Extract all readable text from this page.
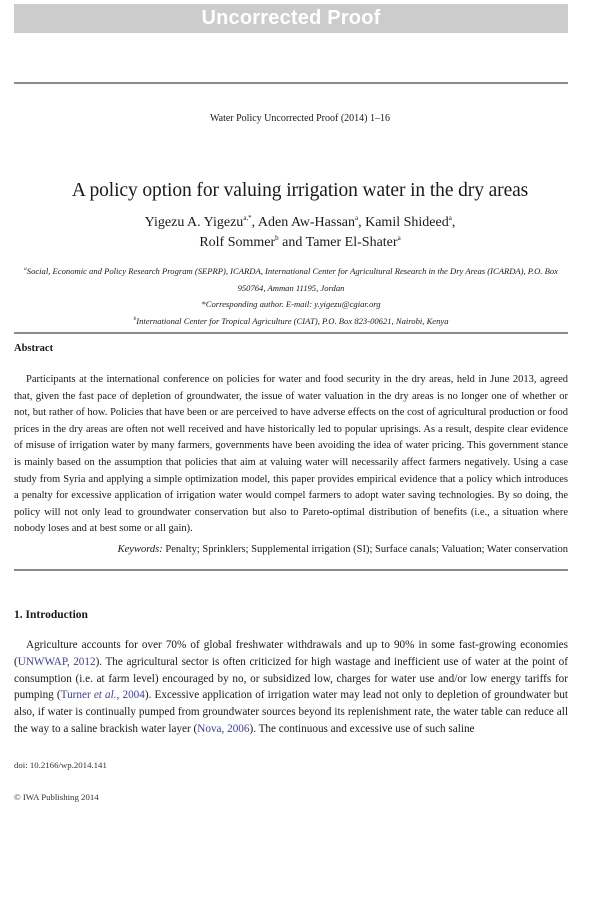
Uncorrected Proof
Water Policy Uncorrected Proof (2014) 1–16
A policy option for valuing irrigation water in the dry areas
Yigezu A. Yigezu$^{a,*}$, Aden Aw-Hassan$^a$, Kamil Shideed$^a$,
Rolf Sommer$^b$ and Tamer El-Shater$^a$
$^a$Social, Economic and Policy Research Program (SEPRP), ICARDA, International Center for Agricultural Research in the Dry Areas (ICARDA), P.O. Box 950764, Amman 11195, Jordan
*Corresponding author. E-mail: y.yigezu@cgiar.org
$^b$International Center for Tropical Agriculture (CIAT), P.O. Box 823-00621, Nairobi, Kenya
Abstract
Participants at the international conference on policies for water and food security in the dry areas, held in June 2013, agreed that, given the fast pace of depletion of groundwater, the issue of water valuation in the dry areas is no longer one of whether or not, but rather of how. Policies that have been or are perceived to have adverse effects on the cost of agricultural production or food prices in the dry areas are often not well received and have historically led to popular uprisings. As a result, despite clear evidence of misuse of irrigation water by many farmers, governments have been avoiding the idea of water pricing. This government stance is mainly based on the assumption that policies that aim at valuing water will necessarily affect farmers negatively. Using a case study from Syria and applying a simple optimization model, this paper provides empirical evidence that a policy which introduces a penalty for excessive application of irrigation water would compel farmers to adopt water saving technologies. By so doing, the policy will not only lead to groundwater conservation but also to Pareto-optimal distribution of benefits (i.e., a situation where nobody loses and at best some or all gain).
Keywords: Penalty; Sprinklers; Supplemental irrigation (SI); Surface canals; Valuation; Water conservation
1. Introduction
Agriculture accounts for over 70% of global freshwater withdrawals and up to 90% in some fast-growing economies (UNWWAP, 2012). The agricultural sector is often criticized for high wastage and inefficient use of water at the point of consumption (i.e. at farm level) encouraged by no, or subsidized low, charges for water use and/or low energy tariffs for pumping (Turner et al., 2004). Excessive application of irrigation water may lead not only to depletion of groundwater but also, if water is continually pumped from groundwater sources beyond its replenishment rate, the water table can reduce all the way to a saline brackish water layer (Nova, 2006). The continuous and excessive use of such saline
doi: 10.2166/wp.2014.141
© IWA Publishing 2014
